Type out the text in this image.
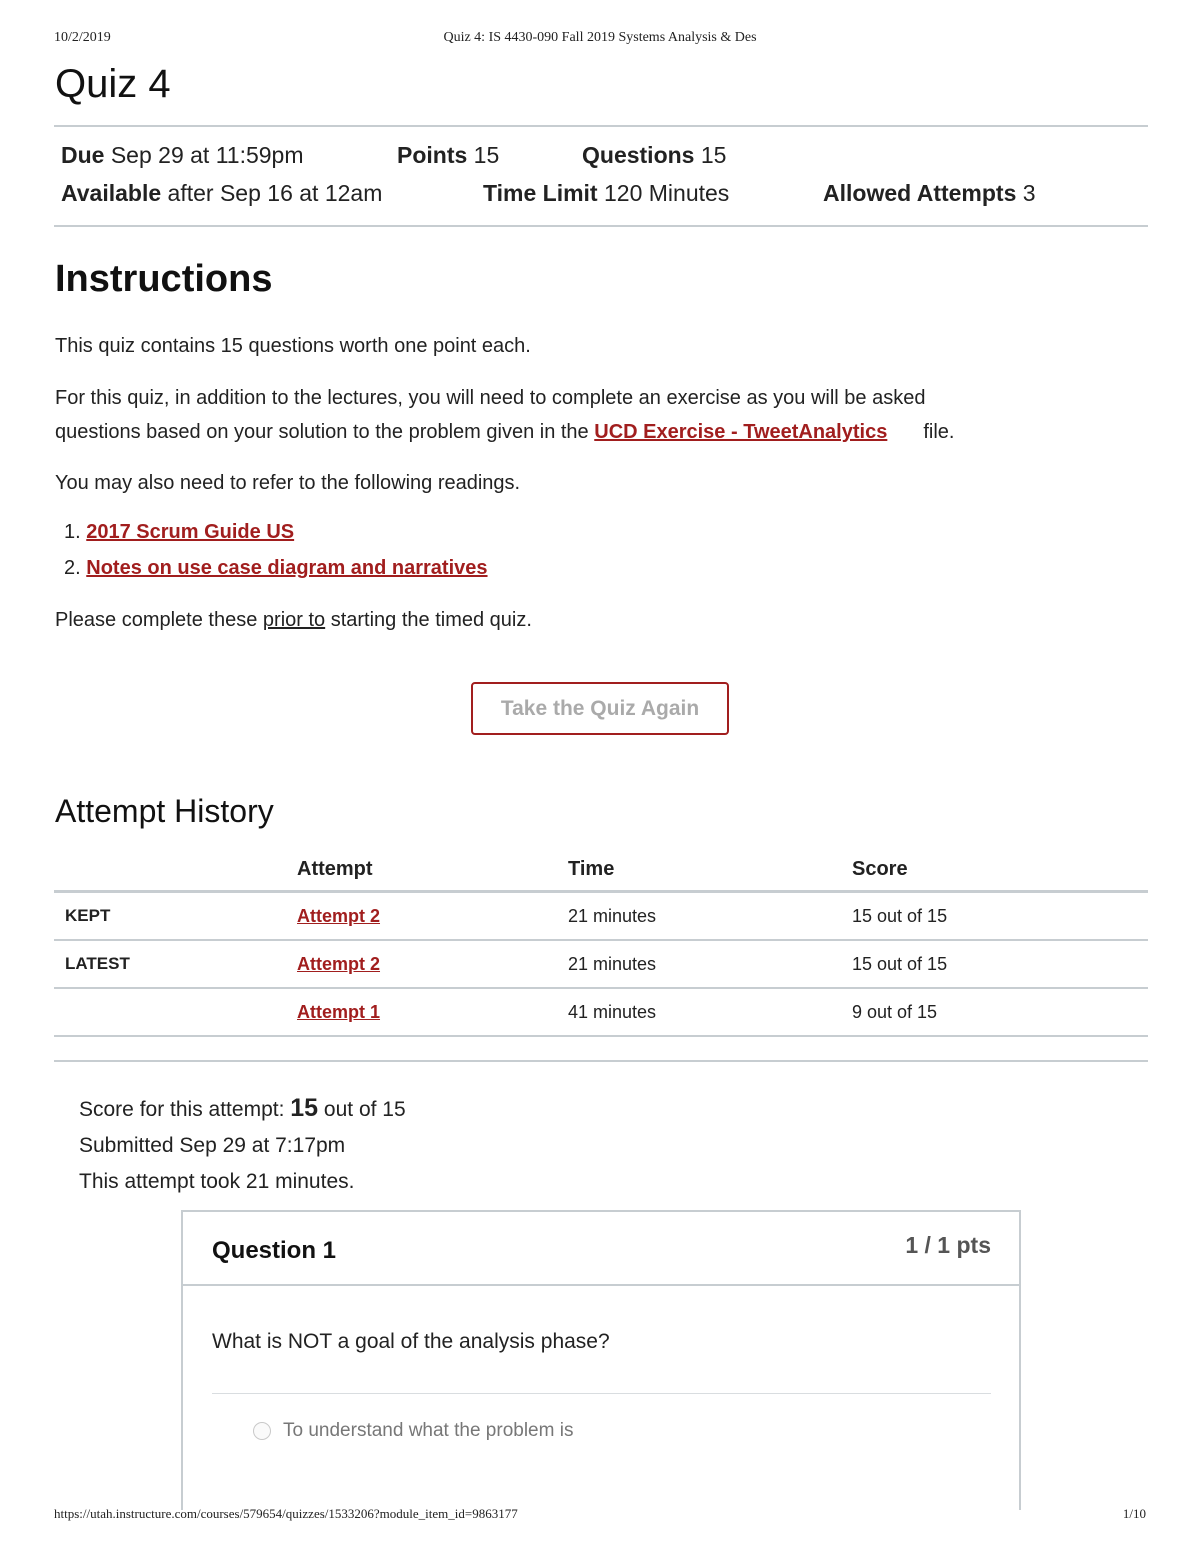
10/2/2019	Quiz 4: IS 4430-090 Fall 2019 Systems Analysis & Des
Quiz 4
Due Sep 29 at 11:59pm	Points 15	Questions 15
Available after Sep 16 at 12am	Time Limit 120 Minutes	Allowed Attempts 3
Instructions

This quiz contains 15 questions worth one point each.

For this quiz, in addition to the lectures, you will need to complete an exercise as you will be asked
questions based on your solution to the problem given in the UCD Exercise - TweetAnalytics file.

You may also need to refer to the following readings.

1. 2017 Scrum Guide US
2. Notes on use case diagram and narratives

Please complete these prior to starting the timed quiz.

Take the Quiz Again
Attempt History
	Attempt	Time	Score
KEPT	Attempt 2	21 minutes	15 out of 15
LATEST	Attempt 2	21 minutes	15 out of 15
	Attempt 1	41 minutes	9 out of 15
Score for this attempt: 15 out of 15
Submitted Sep 29 at 7:17pm
This attempt took 21 minutes.
Question 1	1 / 1 pts
What is NOT a goal of the analysis phase?
To understand what the problem is
https://utah.instructure.com/courses/579654/quizzes/1533206?module_item_id=9863177	1/10
